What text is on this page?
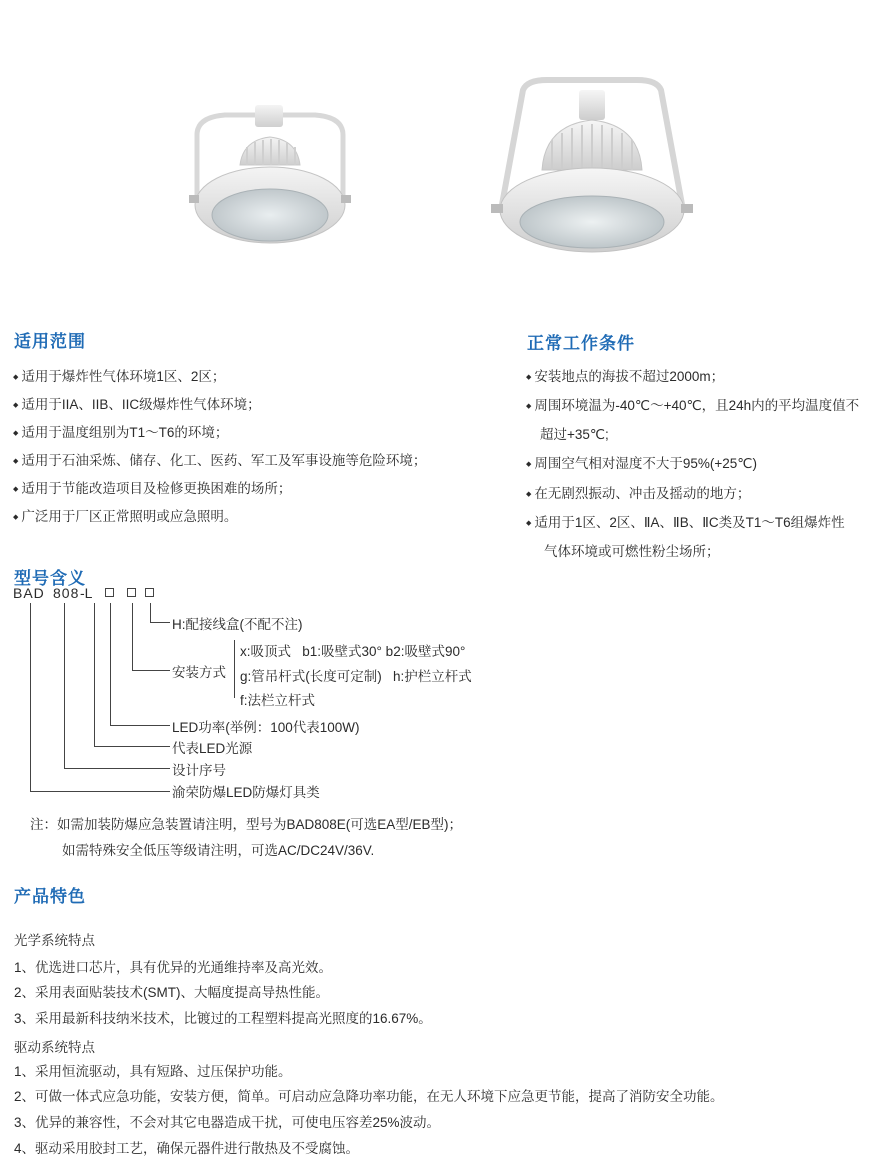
适用范围
◆ 适用于爆炸性气体环境1区、2区；
◆ 适用于IIA、IIB、IIC级爆炸性气体环境；
◆ 适用于温度组别为T1～T6的环境；
◆ 适用于石油采炼、储存、化工、医药、军工及军事设施等危险环境；
◆ 适用于节能改造项目及检修更换困难的场所；
◆ 广泛用于厂区正常照明或应急照明。
正常工作条件
◆ 安装地点的海拔不超过2000m；
◆ 周围环境温为-40℃～+40℃，且24h内的平均温度值不
超过+35℃;
◆ 周围空气相对湿度不大于95%(+25℃)
◆ 在无剧烈振动、冲击及摇动的地方；
◆ 适用于1区、2区、ⅡA、ⅡB、ⅡC类及T1～T6组爆炸性
气体环境或可燃性粉尘场所；
型号含义
BAD 808 -L
H:配接线盒(不配不注)
安装方式
x:吸顶式   b1:吸壁式30° b2:吸壁式90°
g:管吊杆式(长度可定制)   h:护栏立杆式
f:法栏立杆式
LED功率(举例：100代表100W)
代表LED光源
设计序号
渝荣防爆LED防爆灯具类
注：如需加装防爆应急装置请注明，型号为BAD808E(可选EA型/EB型)；
如需特殊安全低压等级请注明，可选AC/DC24V/36V.
产品特色
光学系统特点
1、优选进口芯片，具有优异的光通维持率及高光效。
2、采用表面贴装技术(SMT)、大幅度提高导热性能。
3、采用最新科技纳米技术，比镀过的工程塑料提高光照度的16.67%。
驱动系统特点
1、采用恒流驱动，具有短路、过压保护功能。
2、可做一体式应急功能，安装方便，简单。可启动应急降功率功能，在无人环境下应急更节能，提高了消防安全功能。
3、优异的兼容性，不会对其它电器造成干扰，可使电压容差25%波动。
4、驱动采用胶封工艺，确保元器件进行散热及不受腐蚀。
